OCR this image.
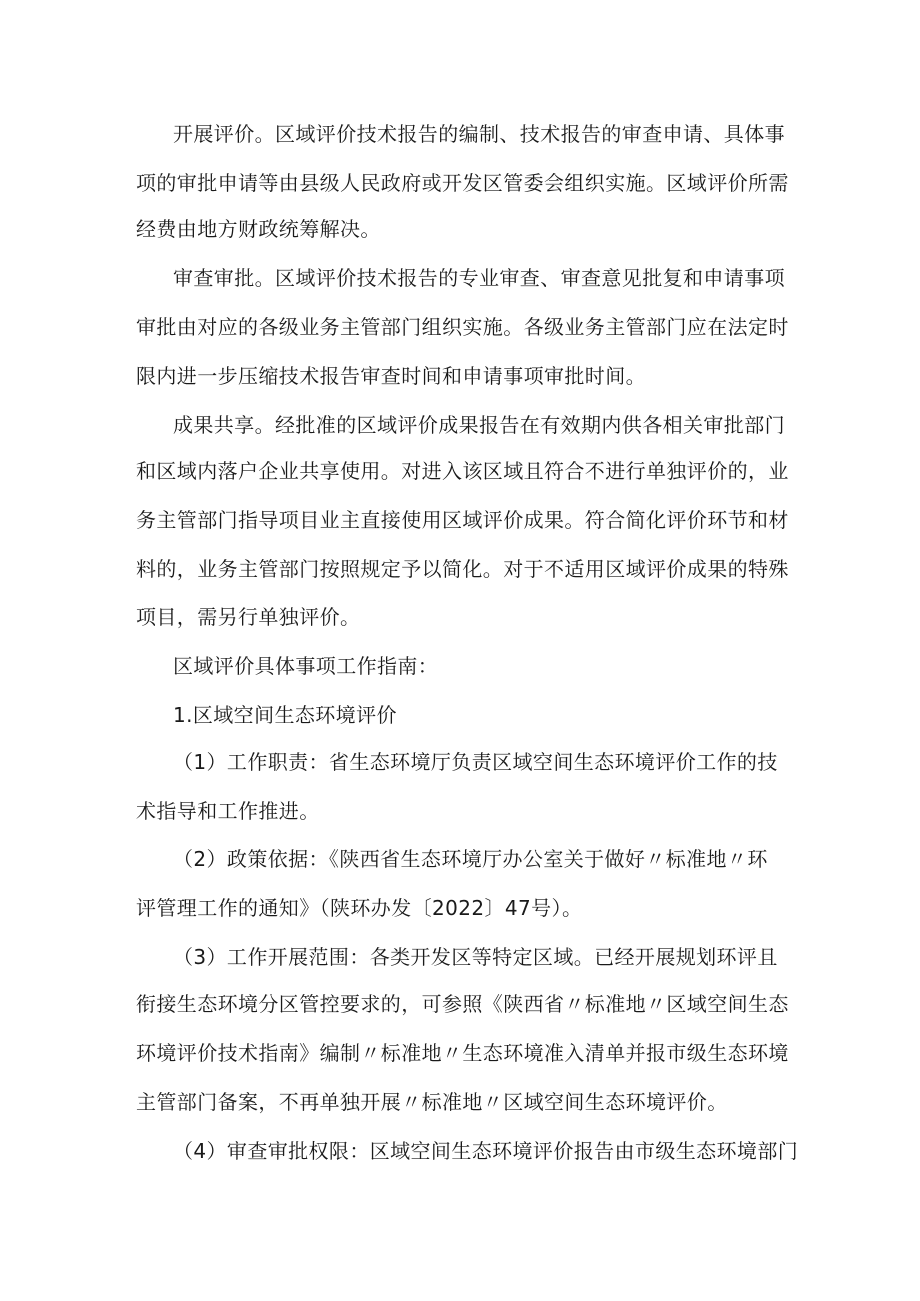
开展评价。区域评价技术报告的编制、技术报告的审查申请、具体事
项的审批申请等由县级人民政府或开发区管委会组织实施。区域评价所需
经费由地方财政统筹解决。
审查审批。区域评价技术报告的专业审查、审查意见批复和申请事项
审批由对应的各级业务主管部门组织实施。各级业务主管部门应在法定时
限内进一步压缩技术报告审查时间和申请事项审批时间。
成果共享。经批准的区域评价成果报告在有效期内供各相关审批部门
和区域内落户企业共享使用。对进入该区域且符合不进行单独评价的，业
务主管部门指导项目业主直接使用区域评价成果。符合简化评价环节和材
料的，业务主管部门按照规定予以简化。对于不适用区域评价成果的特殊
项目，需另行单独评价。
区域评价具体事项工作指南：
1.区域空间生态环境评价
（1）工作职责：省生态环境厅负责区域空间生态环境评价工作的技
术指导和工作推进。
（2）政策依据：《陕西省生态环境厅办公室关于做好〃标准地〃环
评管理工作的通知》（陕环办发〔2022〕47号）。
（3）工作开展范围：各类开发区等特定区域。已经开展规划环评且
衔接生态环境分区管控要求的，可参照《陕西省〃标准地〃区域空间生态
环境评价技术指南》编制〃标准地〃生态环境准入清单并报市级生态环境
主管部门备案，不再单独开展〃标准地〃区域空间生态环境评价。
（4）审查审批权限：区域空间生态环境评价报告由市级生态环境部门
